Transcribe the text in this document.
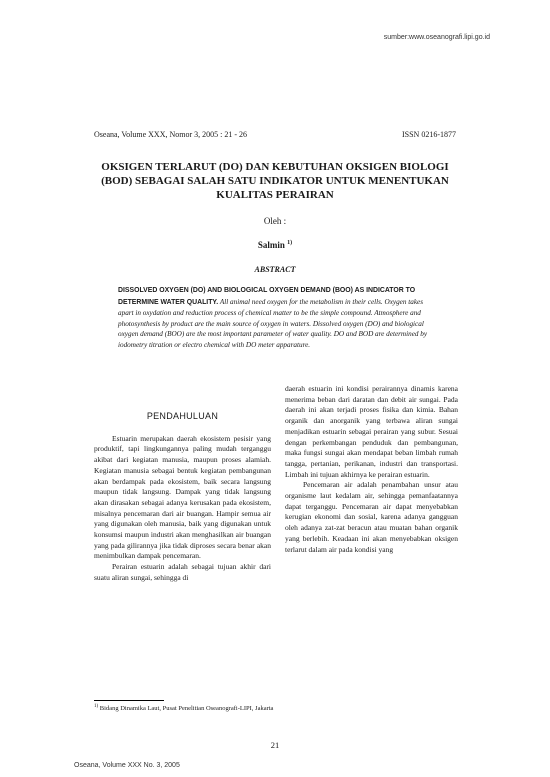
sumber:www.oseanografi.lipi.go.id
Oseana, Volume XXX, Nomor 3, 2005 : 21 - 26	ISSN 0216-1877
OKSIGEN TERLARUT (DO) DAN KEBUTUHAN OKSIGEN BIOLOGI
(BOD) SEBAGAI SALAH SATU INDIKATOR UNTUK MENENTUKAN
KUALITAS PERAIRAN
Oleh :
Salmin $^{1)}$
ABSTRACT
DISSOLVED OXYGEN (DO) AND BIOLOGICAL OXYGEN DEMAND (BOO) AS INDICATOR TO DETERMINE WATER QUALITY. All animal need oxygen for the metabolism in their cells. Oxygen takes apart in oxydation and reduction process of chemical matter to be the simple compound. Atmosphere and photosynthesis by product are the main source of oxygen in waters. Dissolved oxygen (DO) and biological oxygen demand (BOO) are the most important parameter of water quality. DO and BOD are determined by iodometry titration or electro chemical with DO meter apparature.
PENDAHULUAN

Estuarin merupakan daerah ekosistem pesisir yang produktif, tapi lingkungannya paling mudah terganggu akibat dari kegiatan manusia, maupun proses alamiah. Kegiatan manusia sebagai bentuk kegiatan pembangunan akan berdampak pada ekosistem, baik secara langsung maupun tidak langsung. Dampak yang tidak langsung akan dirasakan sebagai adanya kerusakan pada ekosistem, misalnya pencemaran dari air buangan. Hampir semua air yang digunakan oleh manusia, baik yang digunakan untuk konsumsi maupun industri akan menghasilkan air buangan yang pada gilirannya jika tidak diproses secara benar akan menimbulkan dampak pencemaran.

Perairan estuarin adalah sebagai tujuan akhir dari suatu aliran sungai, sehingga di

daerah estuarin ini kondisi perairannya dinamis karena menerima beban dari daratan dan debit air sungai. Pada daerah ini akan terjadi proses fisika dan kimia. Bahan organik dan anorganik yang terbawa aliran sungai menjadikan estuarin sebagai perairan yang subur. Sesuai dengan perkembangan penduduk dan pembangunan, maka fungsi sungai akan mendapat beban limbah rumah tangga, pertanian, perikanan, industri dan transportasi. Limbah ini tujuan akhirnya ke perairan estuarin.

Pencemaran air adalah penambahan unsur atau organisme laut kedalam air, sehingga pemanfaatannya dapat terganggu. Pencemaran air dapat menyebabkan kerugian ekonomi dan sosial, karena adanya gangguan oleh adanya zat-zat beracun atau muatan bahan organik yang berlebih. Keadaan ini akan menyebabkan oksigen terlarut dalam air pada kondisi yang

$^{1)}$ Bidang Dinamika Laut, Pusat Penelitian Oseanografi-LIPI, Jakarta
21
Oseana, Volume XXX No. 3, 2005
